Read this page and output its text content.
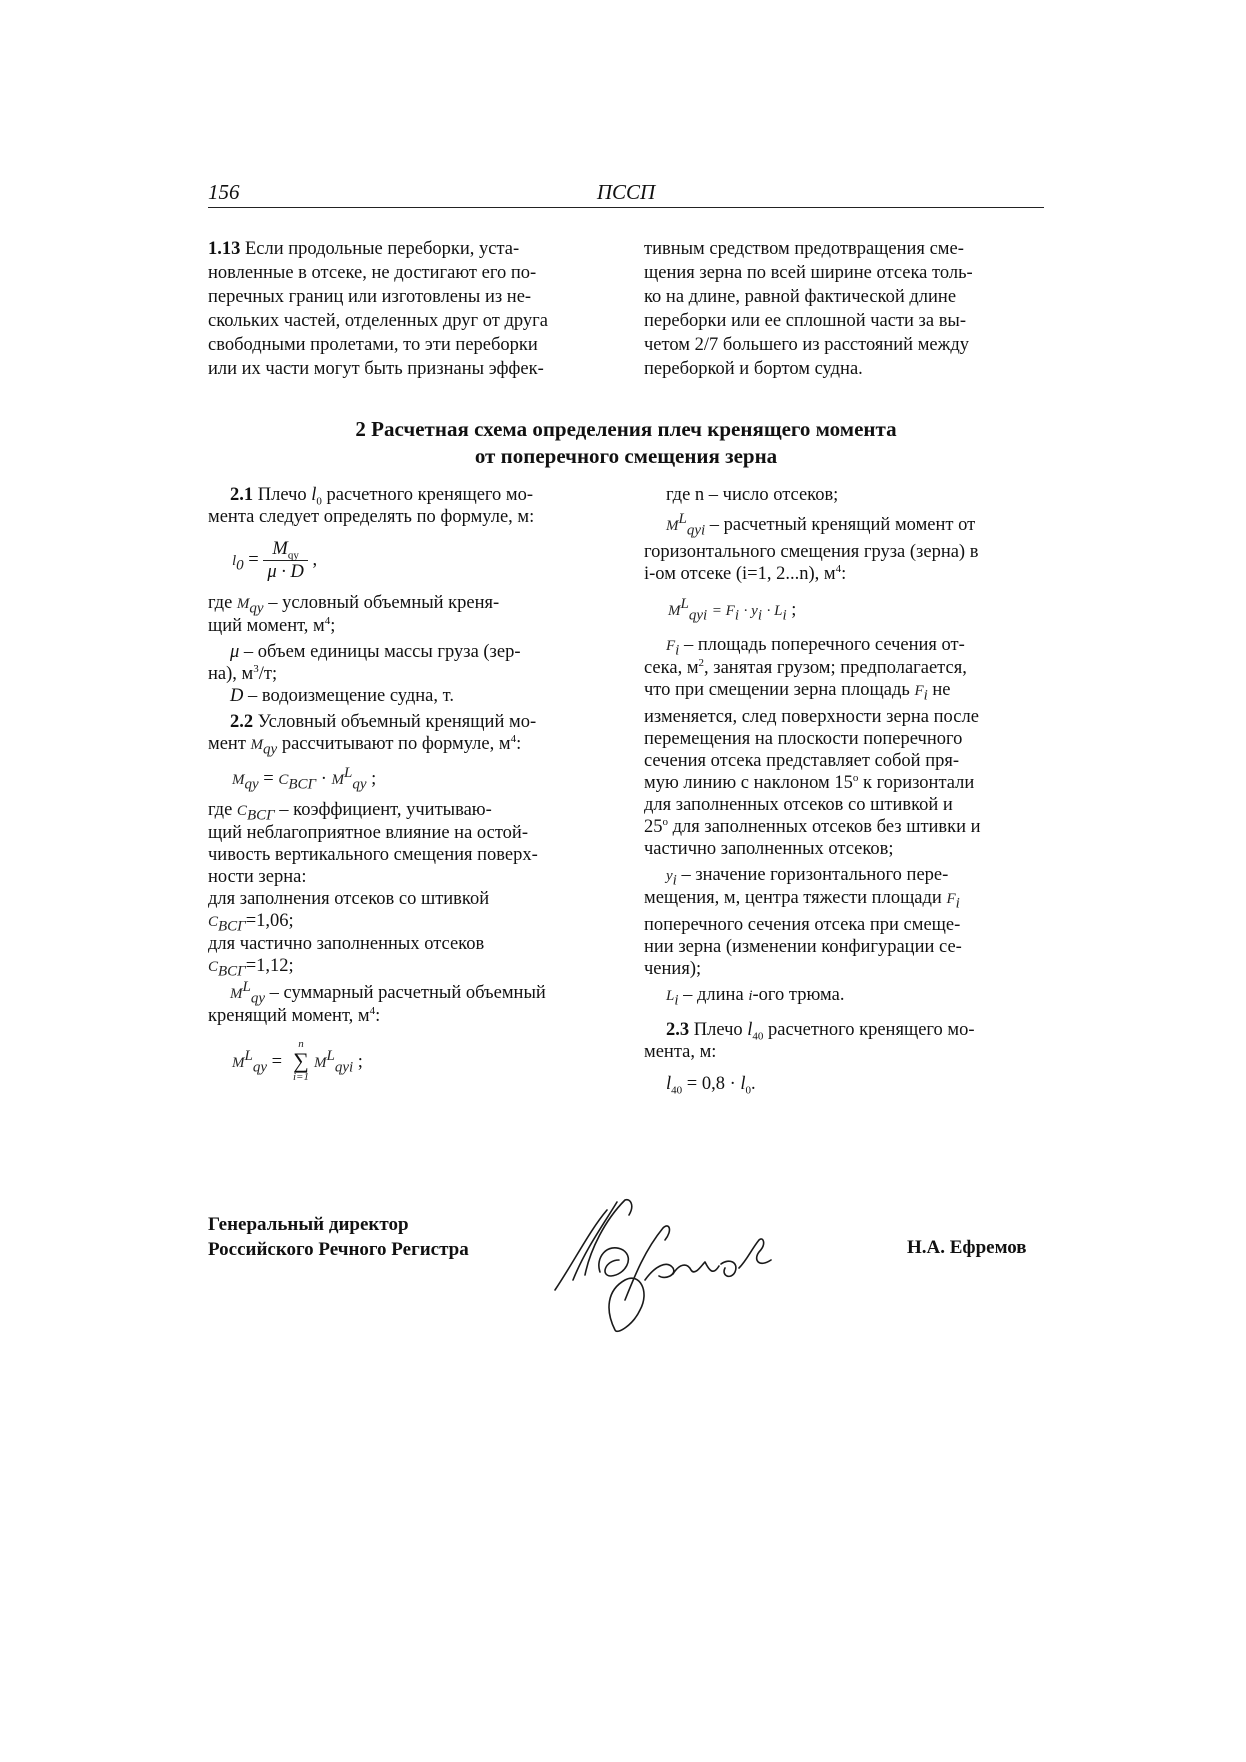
156	ПССП

1.13 Если продольные переборки, уста-

новленные в отсеке, не достигают его по-

перечных границ или изготовлены из не-

скольких частей, отделенных друг от друга

свободными пролетами, то эти переборки

или их части могут быть признаны эффек-

тивным средством предотвращения сме-

щения зерна по всей ширине отсека толь-

ко на длине, равной фактической длине

переборки или ее сплошной части за вы-

четом 2/7 большего из расстояний между

переборкой и бортом судна.

2 Расчетная схема определения плеч кренящего момента
от поперечного смещения зерна

2.1 Плечо $l_0$ расчетного кренящего мо-

мента следует определять по формуле, м:

$l_0 = \frac{M_{qy}}{\mu \cdot D}$ ,

где $M_{qy}$ – условный объемный креня-

щий момент, $м^4$;

μ – объем единицы массы груза (зер-

на), $м^3/т$;

D – водоизмещение судна, т.

2.2 Условный объемный кренящий мо-

мент $M_{qy}$ рассчитывают по формуле, $м^4$:

$M_{qy} = C_{BCГ} \cdot M^L_{qy}$ ;

где $C_{BCГ}$ – коэффициент, учитываю-

щий неблагоприятное влияние на остой-

чивость вертикального смещения поверх-

ности зерна:

для заполнения отсеков со штивкой

$C_{BCГ}=1,06$;

для частично заполненных отсеков

$C_{BCГ}=1,12$;

$M^L_{qy}$ – суммарный расчетный объемный

кренящий момент, $м^4$:

$M^L_{qy}$ =
n
∑
i=1
$M^L_{qyi}$ ;

где n – число отсеков;

$M^L_{qyi}$ – расчетный кренящий момент от

горизонтального смещения груза (зерна) в

i-ом отсеке (i=1, 2...n), $м^4$:

$M^L_{qyi} = F_i \cdot y_i \cdot L_i$ ;

$F_i$ – площадь поперечного сечения от-

сека, $м^2$, занятая грузом; предполагается,

что при смещении зерна площадь $F_i$ не

изменяется, след поверхности зерна после

перемещения на плоскости поперечного

сечения отсека представляет собой пря-

мую линию с наклоном $15^о$ к горизонтали

для заполненных отсеков со штивкой и

$25^о$ для заполненных отсеков без штивки и

частично заполненных отсеков;

$y_i$ – значение горизонтального пере-

мещения, м, центра тяжести площади $F_i$

поперечного сечения отсека при смеще-

нии зерна (изменении конфигурации се-

чения);

$L_i$ – длина i-ого трюма.

2.3 Плечо $l_{40}$ расчетного кренящего мо-

мента, м:

$l_{40} = 0,8 \cdot l_0$.

Генеральный директор
Российского Речного Регистра	Н.А. Ефремов
